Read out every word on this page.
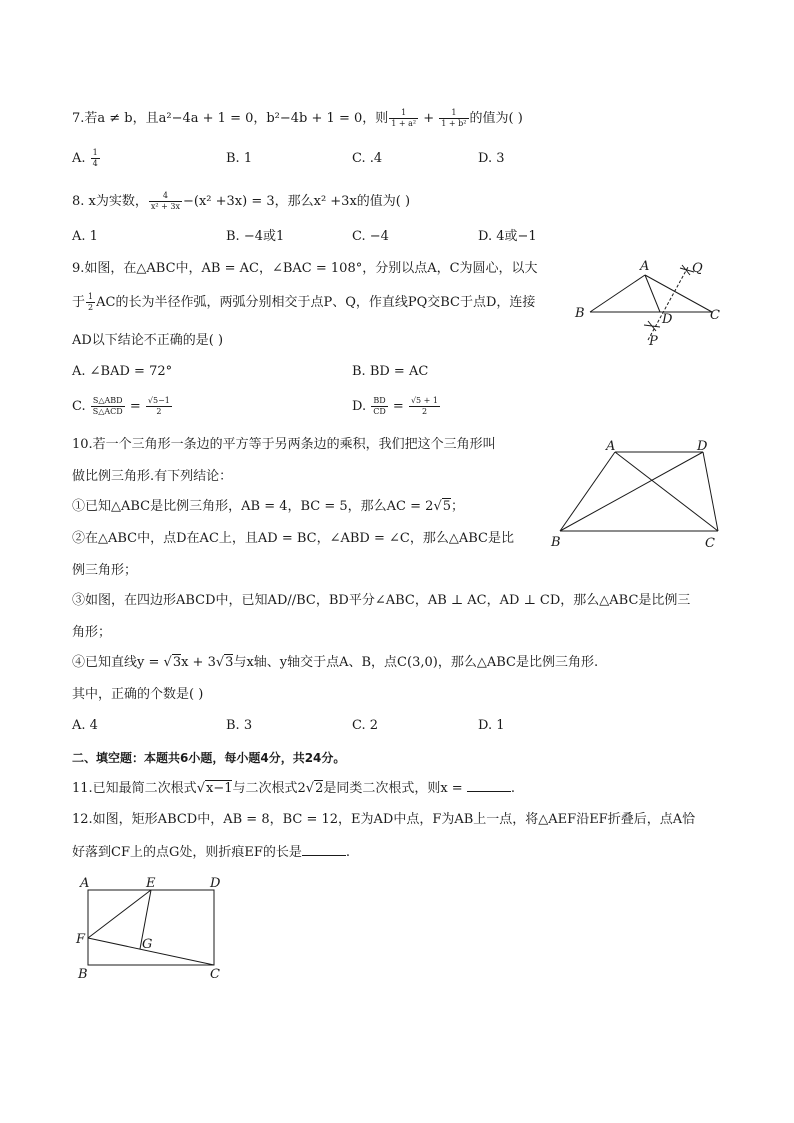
7.若a ≠ b，且a²−4a + 1 = 0，b²−4b + 1 = 0，则 $\frac{1}{\text{1 + a²}} + \frac{1}{\text{1 + b²}}$ 的值为( )
A. $\frac{1}{4}$	B. 1	C. .4	D. 3
8. x为实数， $\frac{4}{\text{x² + 3x}} -(x^2 +3x) = 3$，那么x² +3x的值为( )
A. 1	B. −4或1	C. −4	D. 4或−1
9.如图，在△ABC中，AB = AC，∠BAC = 108°，分别以点A，C为圆心，以大
于 $\frac{1}{2}$ AC的长为半径作弧，两弧分别相交于点P、Q，作直线PQ交BC于点D，连接
AD以下结论不正确的是( )
A. ∠BAD = 72°	B. BD = AC
C. $\frac{\text{S△ABD}}{\text{S△ACD}} = \frac{√5-1}{2}$	D. $\frac{BD}{CD} = \frac{√5 + 1}{2}$
A
B	C
D
Q
P
10.若一个三角形一条边的平方等于另两条边的乘积，我们把这个三角形叫
做比例三角形.有下列结论：
①已知△ABC是比例三角形，AB = 4，BC = 5，那么AC = 2√5；
②在△ABC中，点D在AC上，且AD = BC，∠ABD = ∠C，那么△ABC是比
例三角形；
③如图，在四边形ABCD中，已知AD//BC，BD平分∠ABC，AB ⊥ AC，AD ⊥ CD，那么△ABC是比例三
角形；
④已知直线y = √3x + 3√3与x轴、y轴交于点A、B，点C(3,0)，那么△ABC是比例三角形.
其中，正确的个数是( )
A. 4	B. 3	C. 2	D. 1
A	D
B	C
二、填空题：本题共6小题，每小题4分，共24分。
11.已知最简二次根式√x−1与二次根式2√2是同类二次根式，则x =	.
12.如图，矩形ABCD中，AB = 8，BC = 12，E为AD中点，F为AB上一点，将△AEF沿EF折叠后，点A恰
好落到CF上的点G处，则折痕EF的长是	.
A	E	D
F	G
B	C
